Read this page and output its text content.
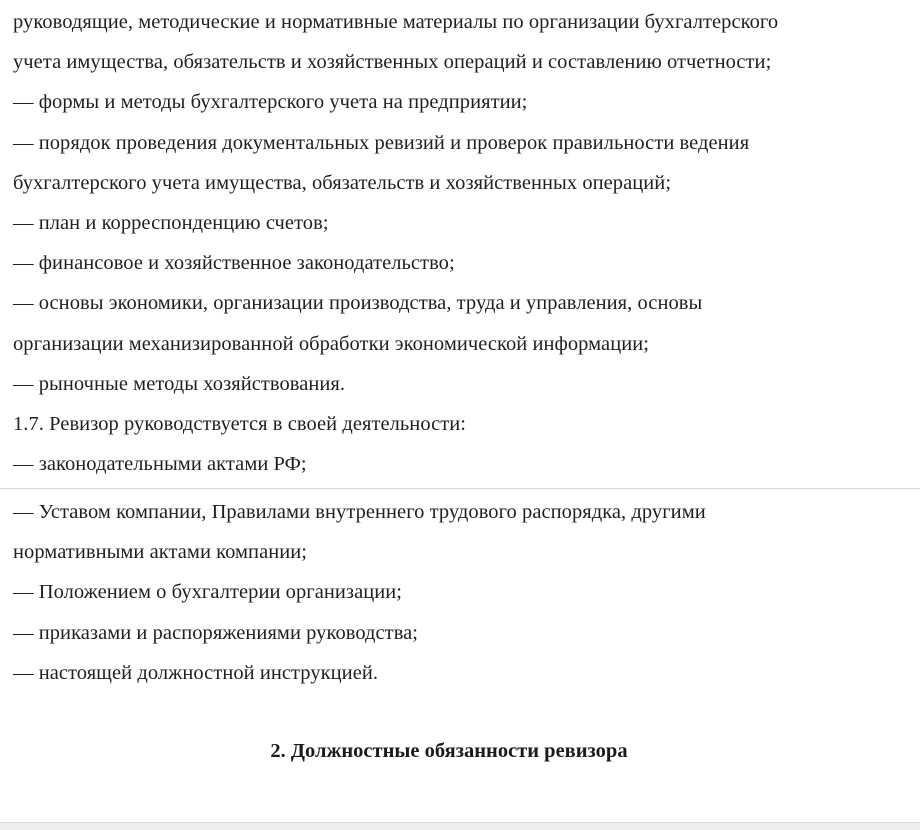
руководящие, методические и нормативные материалы по организации бухгалтерского
учета имущества, обязательств и хозяйственных операций и составлению отчетности;
— формы и методы бухгалтерского учета на предприятии;
— порядок проведения документальных ревизий и проверок правильности ведения
бухгалтерского учета имущества, обязательств и хозяйственных операций;
— план и корреспонденцию счетов;
— финансовое и хозяйственное законодательство;
— основы экономики, организации производства, труда и управления, основы
организации механизированной обработки экономической информации;
— рыночные методы хозяйствования.
1.7. Ревизор руководствуется в своей деятельности:
— законодательными актами РФ;
— Уставом компании, Правилами внутреннего трудового распорядка, другими
нормативными актами компании;
— Положением о бухгалтерии организации;
— приказами и распоряжениями руководства;
— настоящей должностной инструкцией.
2. Должностные обязанности ревизора
